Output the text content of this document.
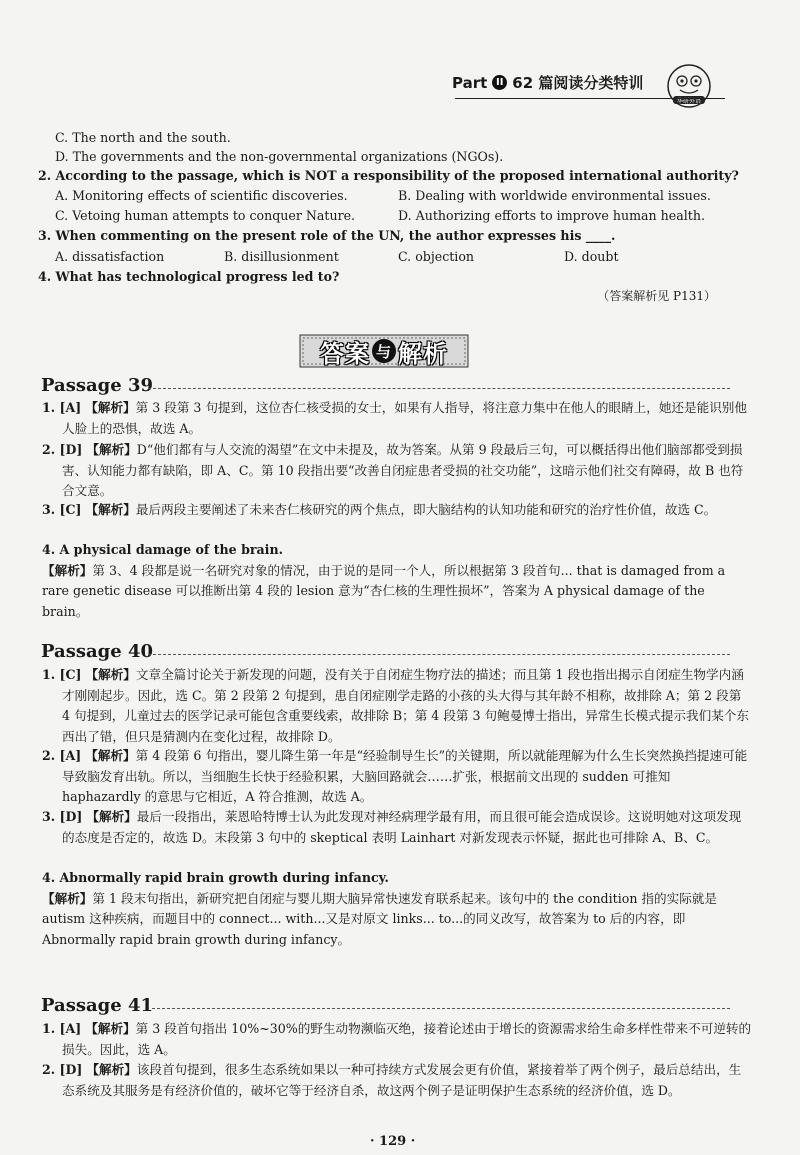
Part II 62 篇阅读分类特训
华研外语
C. The north and the south.
D. The governments and the non-governmental organizations (NGOs).
2. According to the passage, which is NOT a responsibility of the proposed international authority?
A. Monitoring effects of scientific discoveries.	B. Dealing with worldwide environmental issues.
C. Vetoing human attempts to conquer Nature.	D. Authorizing efforts to improve human health.
3. When commenting on the present role of the UN, the author expresses his ____.
A. dissatisfaction	B. disillusionment	C. objection	D. doubt
4. What has technological progress led to?
（答案解析见 P131）
答案 与 解析
Passage 39
1. [A] 【解析】第 3 段第 3 句提到，这位杏仁核受损的女士，如果有人指导，将注意力集中在他人的眼睛上，她还是能识别他人脸上的恐惧，故选 A。
2. [D] 【解析】D“他们都有与人交流的渴望”在文中未提及，故为答案。从第 9 段最后三句，可以概括得出他们脑部都受到损害、认知能力都有缺陷，即 A、C。第 10 段指出要“改善自闭症患者受损的社交功能”，这暗示他们社交有障碍，故 B 也符合文意。
3. [C] 【解析】最后两段主要阐述了未来杏仁核研究的两个焦点，即大脑结构的认知功能和研究的治疗性价值，故选 C。
4. A physical damage of the brain.
【解析】第 3、4 段都是说一名研究对象的情况，由于说的是同一个人，所以根据第 3 段首句... that is damaged from a rare genetic disease 可以推断出第 4 段的 lesion 意为“杏仁核的生理性损坏”，答案为 A physical damage of the brain。
Passage 40
1. [C] 【解析】文章全篇讨论关于新发现的问题，没有关于自闭症生物疗法的描述；而且第 1 段也指出揭示自闭症生物学内涵才刚刚起步。因此，选 C。第 2 段第 2 句提到，患自闭症刚学走路的小孩的头大得与其年龄不相称，故排除 A；第 2 段第 4 句提到，儿童过去的医学记录可能包含重要线索，故排除 B；第 4 段第 3 句鲍曼博士指出，异常生长模式提示我们某个东西出了错，但只是猜测内在变化过程，故排除 D。
2. [A] 【解析】第 4 段第 6 句指出，婴儿降生第一年是“经验制导生长”的关键期，所以就能理解为什么生长突然换挡提速可能导致脑发育出轨。所以，当细胞生长快于经验积累，大脑回路就会……扩张，根据前文出现的 sudden 可推知 haphazardly 的意思与它相近，A 符合推测，故选 A。
3. [D] 【解析】最后一段指出，莱恩哈特博士认为此发现对神经病理学最有用，而且很可能会造成误诊。这说明她对这项发现的态度是否定的，故选 D。末段第 3 句中的 skeptical 表明 Lainhart 对新发现表示怀疑，据此也可排除 A、B、C。
4. Abnormally rapid brain growth during infancy.
【解析】第 1 段末句指出，新研究把自闭症与婴儿期大脑异常快速发育联系起来。该句中的 the condition 指的实际就是 autism 这种疾病，而题目中的 connect... with...又是对原文 links... to...的同义改写，故答案为 to 后的内容，即 Abnormally rapid brain growth during infancy。
Passage 41
1. [A] 【解析】第 3 段首句指出 10%~30%的野生动物濒临灭绝，接着论述由于增长的资源需求给生命多样性带来不可逆转的损失。因此，选 A。
2. [D] 【解析】该段首句提到，很多生态系统如果以一种可持续方式发展会更有价值，紧接着举了两个例子，最后总结出，生态系统及其服务是有经济价值的，破坏它等于经济自杀，故这两个例子是证明保护生态系统的经济价值，选 D。
· 129 ·
